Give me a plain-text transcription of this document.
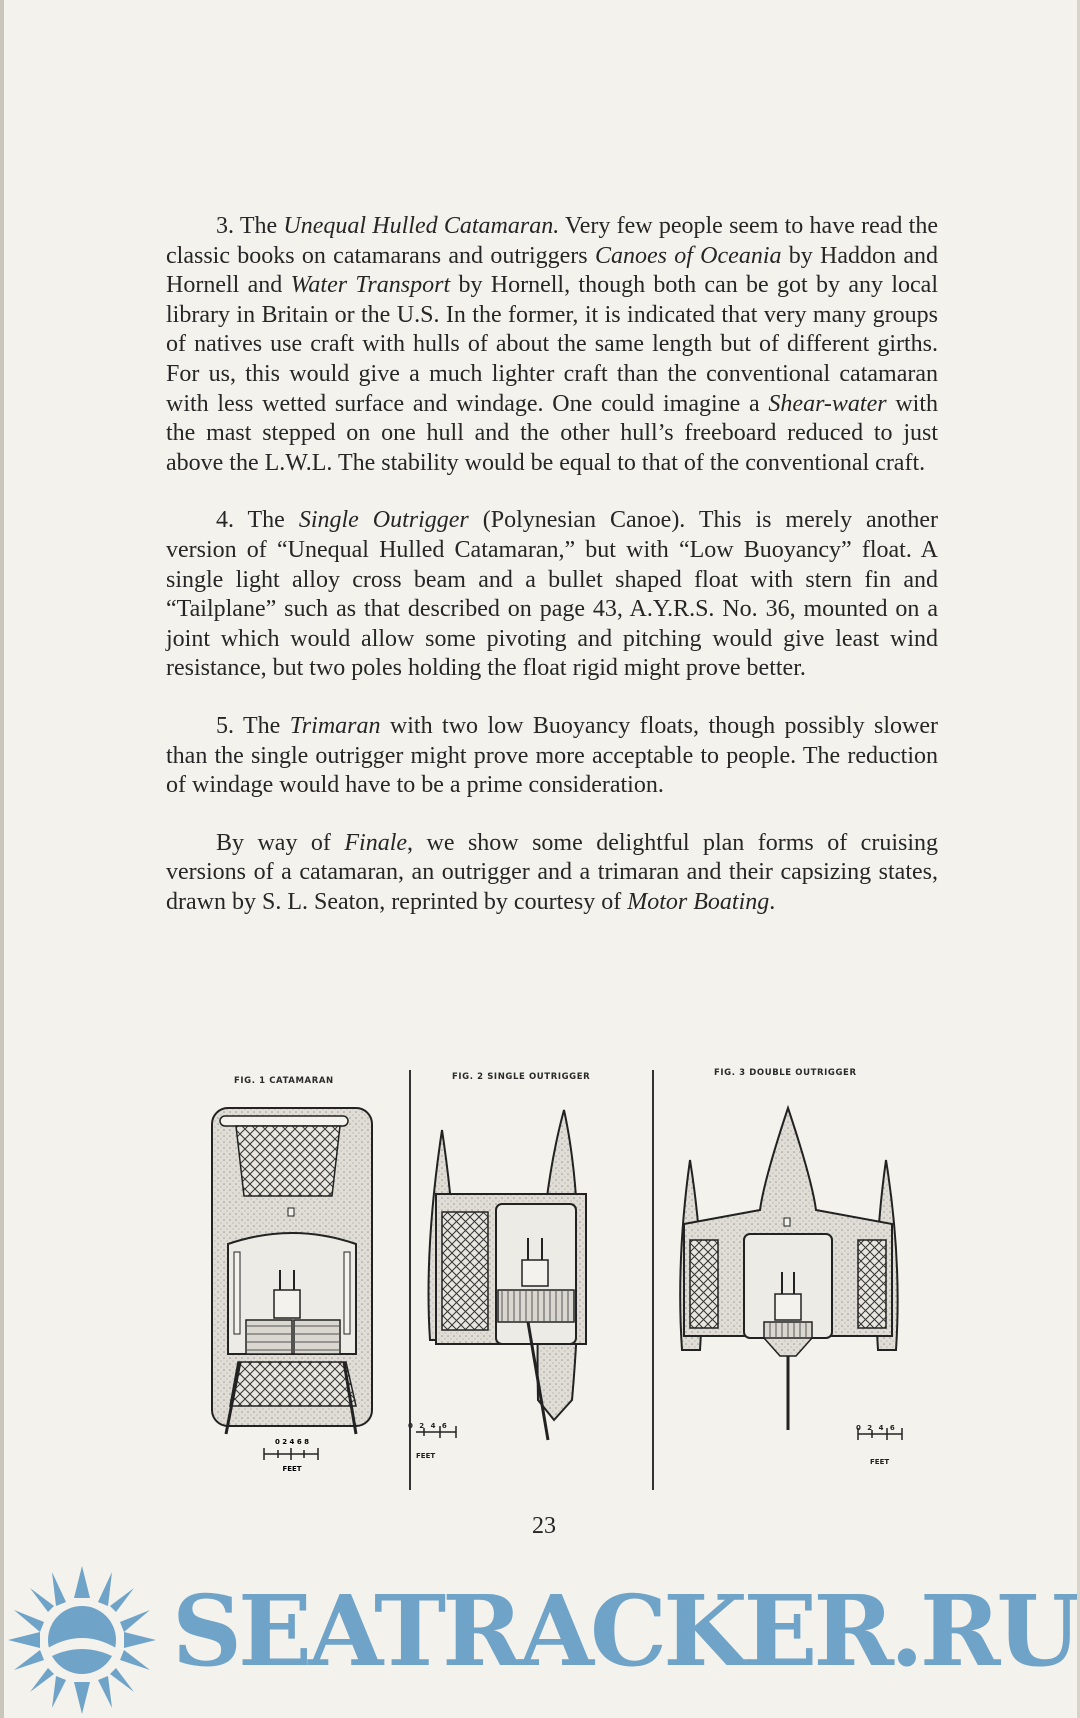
3. The Unequal Hulled Catamaran. Very few people seem to have read the classic books on catamarans and outriggers Canoes of Oceania by Haddon and Hornell and Water Transport by Hornell, though both can be got by any local library in Britain or the U.S. In the former, it is indicated that very many groups of natives use craft with hulls of about the same length but of different girths. For us, this would give a much lighter craft than the conventional catamaran with less wetted surface and windage. One could imagine a Shear-water with the mast stepped on one hull and the other hull’s freeboard reduced to just above the L.W.L. The stability would be equal to that of the conventional craft.

4. The Single Outrigger (Polynesian Canoe). This is merely another version of “Unequal Hulled Catamaran,” but with “Low Buoyancy” float. A single light alloy cross beam and a bullet shaped float with stern fin and “Tailplane” such as that described on page 43, A.Y.R.S. No. 36, mounted on a joint which would allow some pivoting and pitching would give least wind resistance, but two poles holding the float rigid might prove better.

5. The Trimaran with two low Buoyancy floats, though possibly slower than the single outrigger might prove more acceptable to people. The reduction of windage would have to be a prime consideration.

By way of Finale, we show some delightful plan forms of cruising versions of a catamaran, an outrigger and a trimaran and their capsizing states, drawn by S. L. Seaton, reprinted by courtesy of Motor Boating.

FIG. 1 CATAMARAN	FIG. 2 SINGLE OUTRIGGER	FIG. 3 DOUBLE OUTRIGGER
0 2 4 6 8
FEET
0 2 4 6
FEET
0 2 4 6
FEET
23
SEATRACKER.RU
